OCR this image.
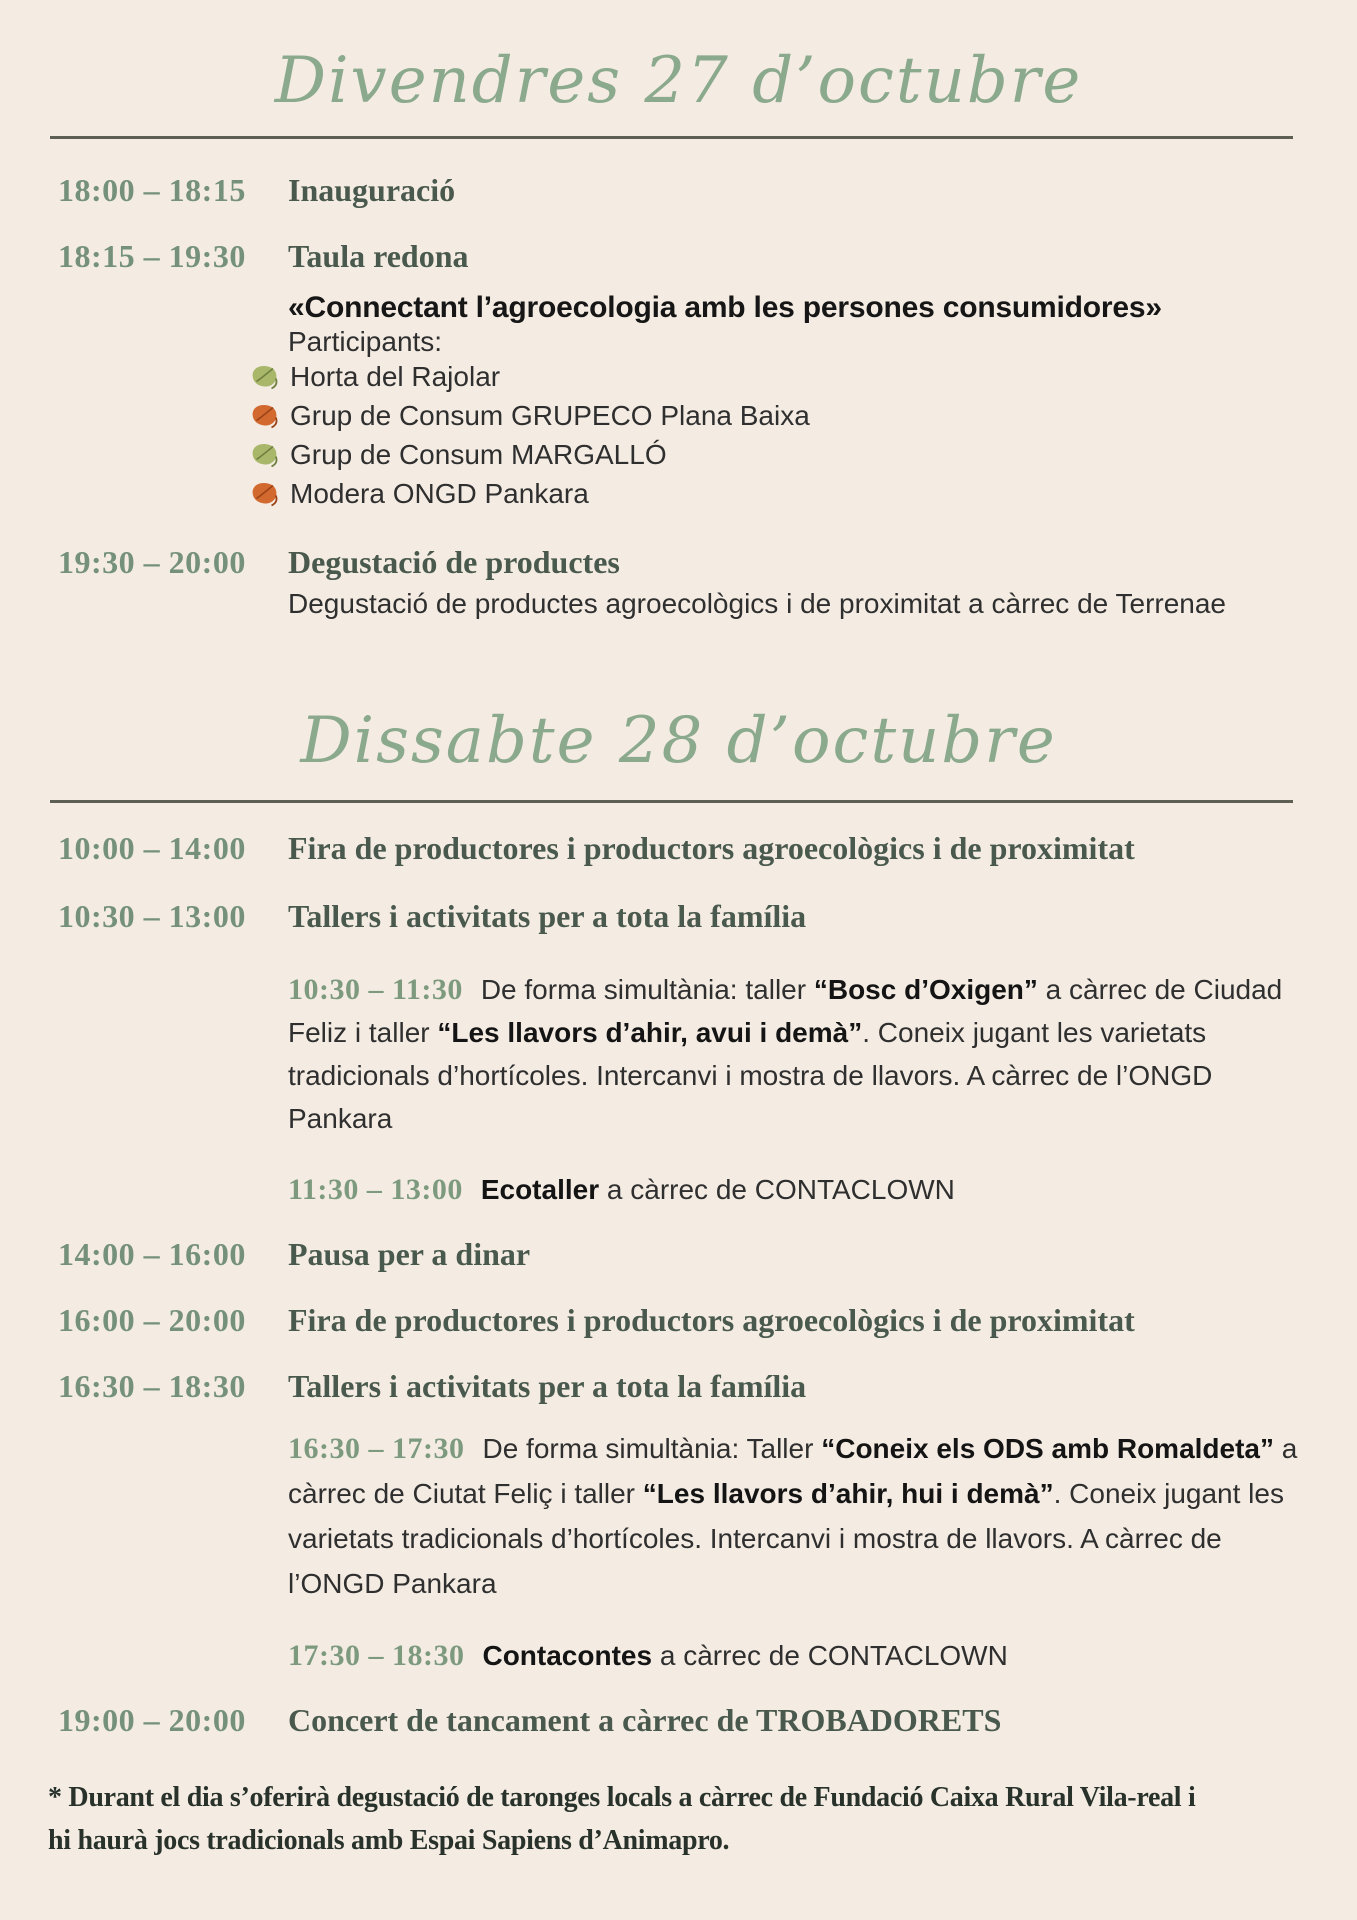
Divendres 27 d’octubre
18:00 – 18:15	Inauguració
18:15 – 19:30	Taula redona
«Connectant l’agroecologia amb les persones consumidores»
Participants:
Horta del Rajolar
Grup de Consum GRUPECO Plana Baixa
Grup de Consum MARGALLÓ
Modera ONGD Pankara
19:30 – 20:00	Degustació de productes
Degustació de productes agroecològics i de proximitat a càrrec de Terrenae
Dissabte 28 d’octubre
10:00 – 14:00	Fira de productores i productors agroecològics i de proximitat
10:30 – 13:00	Tallers i activitats per a tota la família
10:30 – 11:30 De forma simultània: taller “Bosc d’Oxigen” a càrrec de Ciudad Feliz i taller “Les llavors d’ahir, avui i demà”. Coneix jugant les varietats tradicionals d’hortícoles. Intercanvi i mostra de llavors. A càrrec de l’ONGD Pankara
11:30 – 13:00 Ecotaller a càrrec de CONTACLOWN
14:00 – 16:00	Pausa per a dinar
16:00 – 20:00	Fira de productores i productors agroecològics i de proximitat
16:30 – 18:30	Tallers i activitats per a tota la família
16:30 – 17:30 De forma simultània: Taller “Coneix els ODS amb Romaldeta” a càrrec de Ciutat Feliç i taller “Les llavors d’ahir, hui i demà”. Coneix jugant les varietats tradicionals d’hortícoles. Intercanvi i mostra de llavors. A càrrec de l’ONGD Pankara
17:30 – 18:30 Contacontes a càrrec de CONTACLOWN
19:00 – 20:00	Concert de tancament a càrrec de TROBADORETS
* Durant el dia s’oferirà degustació de taronges locals a càrrec de Fundació Caixa Rural Vila-real i
hi haurà jocs tradicionals amb Espai Sapiens d’Animapro.
